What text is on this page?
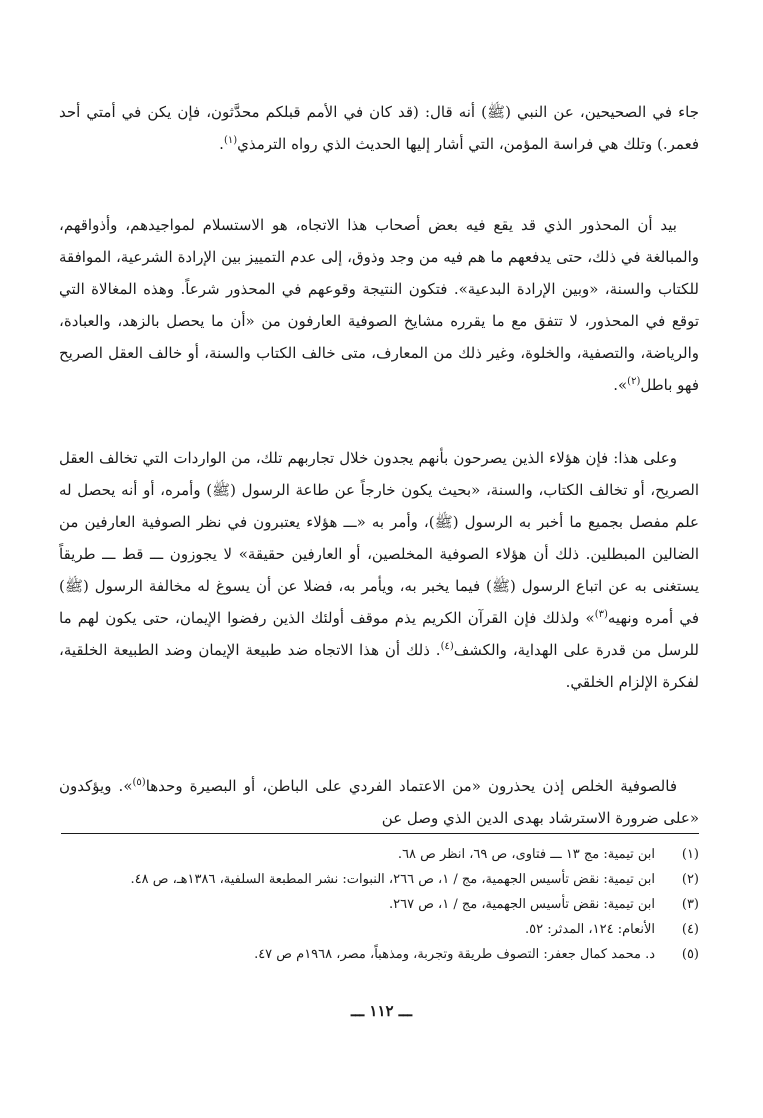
جاء في الصحيحين، عن النبي (ﷺ) أنه قال: (قد كان في الأمم قبلكم محدَّثون، فإن يكن في أمتي أحد فعمر.) وتلك هي فراسة المؤمن، التي أشار إليها الحديث الذي رواه الترمذي$^{(١)}$.

بيد أن المحذور الذي قد يقع فيه بعض أصحاب هذا الاتجاه، هو الاستسلام لمواجيدهم، وأذواقهم، والمبالغة في ذلك، حتى يدفعهم ما هم فيه من وجد وذوق، إلى عدم التمييز بين الإرادة الشرعية، الموافقة للكتاب والسنة، «وبين الإرادة البدعية». فتكون النتيجة وقوعهم في المحذور شرعاً. وهذه المغالاة التي توقع في المحذور، لا تتفق مع ما يقرره مشايخ الصوفية العارفون من «أن ما يحصل بالزهد، والعبادة، والرياضة، والتصفية، والخلوة، وغير ذلك من المعارف، متى خالف الكتاب والسنة، أو خالف العقل الصريح فهو باطل$^{(٢)}$».

وعلى هذا: فإن هؤلاء الذين يصرحون بأنهم يجدون خلال تجاربهم تلك، من الواردات التي تخالف العقل الصريح، أو تخالف الكتاب، والسنة، «بحيث يكون خارجاً عن طاعة الرسول (ﷺ) وأمره، أو أنه يحصل له علم مفصل بجميع ما أخبر به الرسول (ﷺ)، وأمر به «ـــ هؤلاء يعتبرون في نظر الصوفية العارفين من الضالين المبطلين. ذلك أن هؤلاء الصوفية المخلصين، أو العارفين حقيقة» لا يجوزون ـــ قط ـــ طريقاً يستغنى به عن اتباع الرسول (ﷺ) فيما يخبر به، ويأمر به، فضلا عن أن يسوغ له مخالفة الرسول (ﷺ) في أمره ونهيه$^{(٣)}$» ولذلك فإن القرآن الكريم يذم موقف أولئك الذين رفضوا الإيمان، حتى يكون لهم ما للرسل من قدرة على الهداية، والكشف$^{(٤)}$. ذلك أن هذا الاتجاه ضد طبيعة الإيمان وضد الطبيعة الخلقية، لفكرة الإلزام الخلقي.

فالصوفية الخلص إذن يحذرون «من الاعتماد الفردي على الباطن، أو البصيرة وحدها$^{(٥)}$». ويؤكدون «على ضرورة الاسترشاد بهدى الدين الذي وصل عن

(١)
ابن تيمية: مج ١٣ ـــ فتاوى، ص ٦٩، انظر ص ٦٨.
(٢)
ابن تيمية: نقض تأسيس الجهمية، مج / ١، ص ٢٦٦، النبوات: نشر المطبعة السلفية، ١٣٨٦هـ، ص ٤٨.
(٣)
ابن تيمية: نقض تأسيس الجهمية، مج / ١، ص ٢٦٧.
(٤)
الأنعام: ١٢٤، المدثر: ٥٢.
(٥)
د. محمد كمال جعفر: التصوف طريقة وتجربة، ومذهباً، مصر، ١٩٦٨م ص ٤٧.
ـــ ١١٢ ـــ
